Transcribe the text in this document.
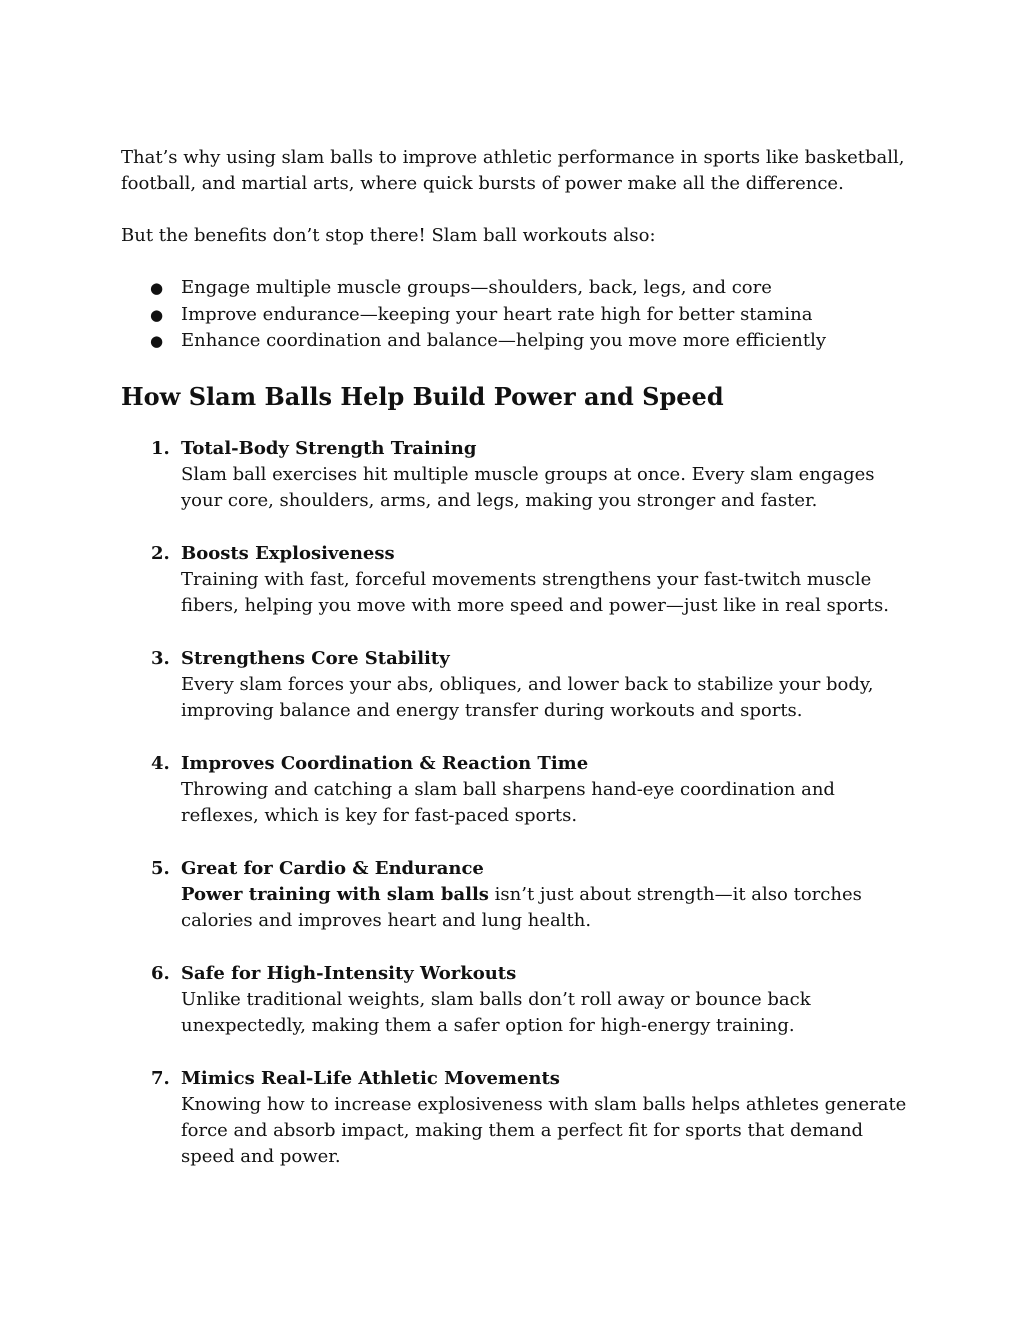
That’s why using slam balls to improve athletic performance in sports like basketball, football, and martial arts, where quick bursts of power make all the difference.

But the benefits don’t stop there! Slam ball workouts also:

● Engage multiple muscle groups—shoulders, back, legs, and core
● Improve endurance—keeping your heart rate high for better stamina
● Enhance coordination and balance—helping you move more efficiently
How Slam Balls Help Build Power and Speed
1. Total-Body Strength Training
Slam ball exercises hit multiple muscle groups at once. Every slam engages your core, shoulders, arms, and legs, making you stronger and faster.
2. Boosts Explosiveness
Training with fast, forceful movements strengthens your fast-twitch muscle fibers, helping you move with more speed and power—just like in real sports.
3. Strengthens Core Stability
Every slam forces your abs, obliques, and lower back to stabilize your body, improving balance and energy transfer during workouts and sports.
4. Improves Coordination & Reaction Time
Throwing and catching a slam ball sharpens hand-eye coordination and reflexes, which is key for fast-paced sports.
5. Great for Cardio & Endurance
Power training with slam balls isn’t just about strength—it also torches calories and improves heart and lung health.
6. Safe for High-Intensity Workouts
Unlike traditional weights, slam balls don’t roll away or bounce back unexpectedly, making them a safer option for high-energy training.
7. Mimics Real-Life Athletic Movements
Knowing how to increase explosiveness with slam balls helps athletes generate force and absorb impact, making them a perfect fit for sports that demand speed and power.
